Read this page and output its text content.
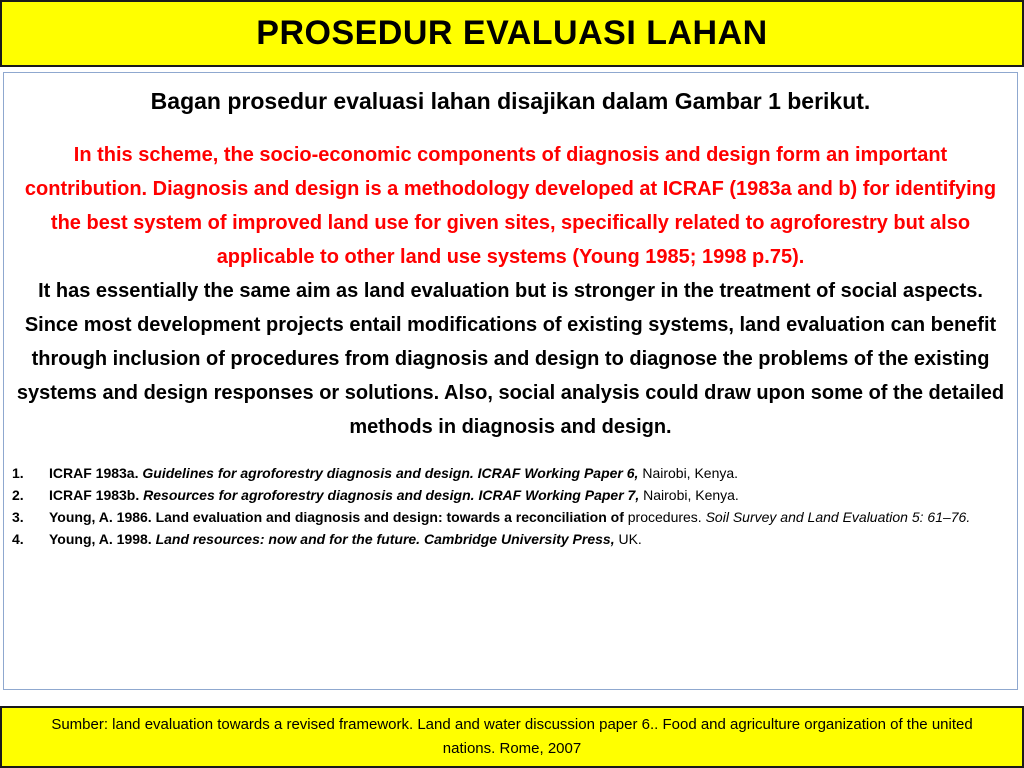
PROSEDUR EVALUASI LAHAN

Bagan prosedur evaluasi lahan disajikan dalam Gambar 1 berikut.

In this scheme, the socio-economic components of diagnosis and design form an important contribution. Diagnosis and design is a methodology developed at ICRAF (1983a and b) for identifying the best system of improved land use for given sites, specifically related to agroforestry but also applicable to other land use systems (Young 1985; 1998 p.75).

It has essentially the same aim as land evaluation but is stronger in the treatment of social aspects. Since most development projects entail modifications of existing systems, land evaluation can benefit through inclusion of procedures from diagnosis and design to diagnose the problems of the existing systems and design responses or solutions. Also, social analysis could draw upon some of the detailed methods in diagnosis and design.

1. ICRAF 1983a. Guidelines for agroforestry diagnosis and design. ICRAF Working Paper 6, Nairobi, Kenya.
2. ICRAF 1983b. Resources for agroforestry diagnosis and design. ICRAF Working Paper 7, Nairobi, Kenya.
3. Young, A. 1986. Land evaluation and diagnosis and design: towards a reconciliation of procedures. Soil Survey and Land Evaluation 5: 61–76.
4. Young, A. 1998. Land resources: now and for the future. Cambridge University Press, UK.

Sumber: land evaluation towards a revised framework. Land and water discussion paper 6.. Food and agriculture organization of the united nations. Rome, 2007
